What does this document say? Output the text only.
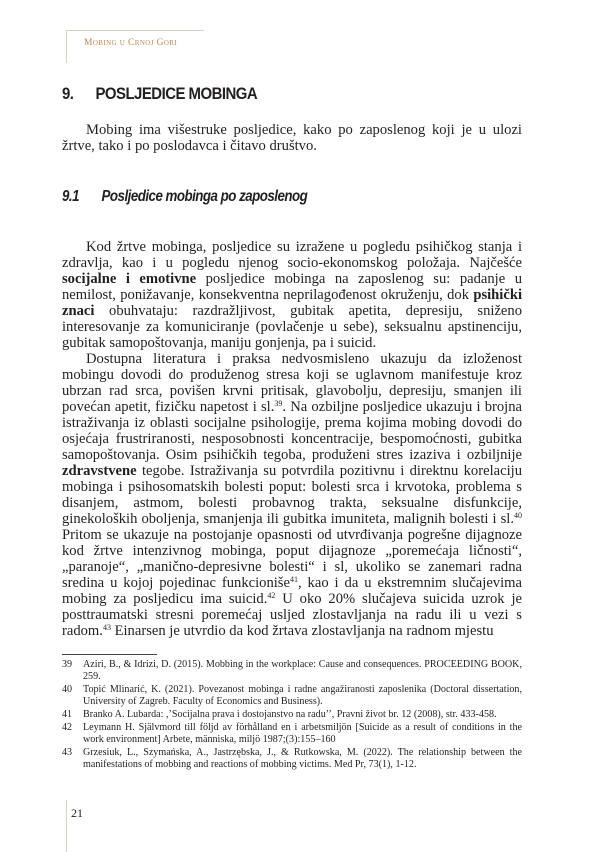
Mobing u Crnoj Gori
9. POSLJEDICE MOBINGA

Mobing ima višestruke posljedice, kako po zaposlenog koji je u ulozi žrtve, tako i po poslodavca i čitavo društvo.

9.1 Posljedice mobinga po zaposlenog

Kod žrtve mobinga, posljedice su izražene u pogledu psihičkog stanja i zdravlja, kao i u pogledu njenog socio-ekonomskog položaja. Najčešće socijalne i emotivne posljedice mobinga na zaposlenog su: padanje u nemilost, ponižavanje, konsekventna neprilagođenost okruženju, dok psihički znaci obuhvataju: razdražljivost, gubitak apetita, depresiju, sniženo interesovanje za komuniciranje (povlačenje u sebe), seksualnu apstinenciju, gubitak samopoštovanja, maniju gonjenja, pa i suicid.

Dostupna literatura i praksa nedvosmisleno ukazuju da izloženost mobingu dovodi do produženog stresa koji se uglavnom manifestuje kroz ubrzan rad srca, povišen krvni pritisak, glavobolju, depresiju, smanjen ili povećan apetit, fizičku napetost i sl.$^{39}$. Na ozbiljne posljedice ukazuju i brojna istraživanja iz oblasti socijalne psihologije, prema kojima mobing dovodi do osjećaja frustriranosti, nesposobnosti koncentracije, bespomoćnosti, gubitka samopoštovanja. Osim psihičkih tegoba, produženi stres izaziva i ozbiljnije zdravstvene tegobe. Istraživanja su potvrdila pozitivnu i direktnu korelaciju mobinga i psihosomatskih bolesti poput: bolesti srca i krvotoka, problema s disanjem, astmom, bolesti probavnog trakta, seksualne disfunkcije, ginekoloških oboljenja, smanjenja ili gubitka imuniteta, malignih bolesti i sl.$^{40}$ Pritom se ukazuje na postojanje opasnosti od utvrđivanja pogrešne dijagnoze kod žrtve intenzivnog mobinga, poput dijagnoze „poremećaja ličnosti“, „paranoje“, „manično-depresivne bolesti“ i sl, ukoliko se zanemari radna sredina u kojoj pojedinac funkcioniše$^{41}$, kao i da u ekstremnim slučajevima mobing za posljedicu ima suicid.$^{42}$ U oko 20% slučajeva suicida uzrok je posttraumatski stresni poremećaj usljed zlostavljanja na radu ili u vezi s radom.$^{43}$ Einarsen je utvrdio da kod žrtava zlostavljanja na radnom mjestu

39	Aziri, B., & Idrizi, D. (2015). Mobbing in the workplace: Cause and consequences. PROCEEDING BOOK, 259.
40	Topić Mlinarić, K. (2021). Povezanost mobinga i radne angažiranosti zaposlenika (Doctoral dissertation, University of Zagreb. Faculty of Economics and Business).
41	Branko A. Lubarda: ,’Socijalna prava i dostojanstvo na radu’’, Pravni život br. 12 (2008), str. 433-458.
42	Leymann H. Självmord till följd av förhålland en i arbetsmiljön [Suicide as a result of conditions in the work environment] Arbete, människa, miljö 1987;(3):155–160
43	Grzesiuk, L., Szymańska, A., Jastrzębska, J., & Rutkowska, M. (2022). The relationship between the manifestations of mobbing and reactions of mobbing victims. Med Pr, 73(1), 1-12.
21
